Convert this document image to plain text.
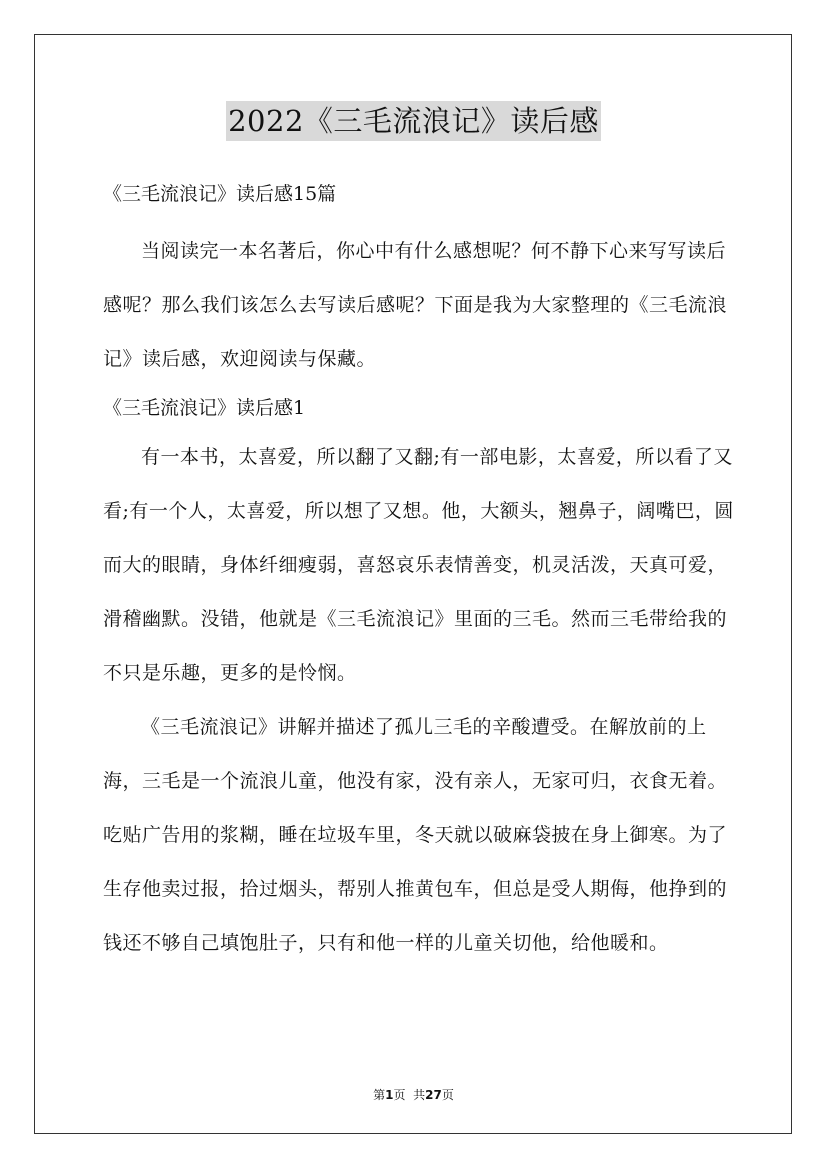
2022《三毛流浪记》读后感

《三毛流浪记》读后感15篇

当阅读完一本名著后，你心中有什么感想呢？何不静下心来写写读后感呢？那么我们该怎么去写读后感呢？下面是我为大家整理的《三毛流浪记》读后感，欢迎阅读与保藏。

《三毛流浪记》读后感1

有一本书，太喜爱，所以翻了又翻;有一部电影，太喜爱，所以看了又看;有一个人，太喜爱，所以想了又想。他，大额头，翘鼻子，阔嘴巴，圆而大的眼睛，身体纤细瘦弱，喜怒哀乐表情善变，机灵活泼，天真可爱，滑稽幽默。没错，他就是《三毛流浪记》里面的三毛。然而三毛带给我的不只是乐趣，更多的是怜悯。

《三毛流浪记》讲解并描述了孤儿三毛的辛酸遭受。在解放前的上海，三毛是一个流浪儿童，他没有家，没有亲人，无家可归，衣食无着。吃贴广告用的浆糊，睡在垃圾车里，冬天就以破麻袋披在身上御寒。为了生存他卖过报，拾过烟头，帮别人推黄包车，但总是受人期侮，他挣到的钱还不够自己填饱肚子，只有和他一样的儿童关切他，给他暖和。

第1页  共27页
